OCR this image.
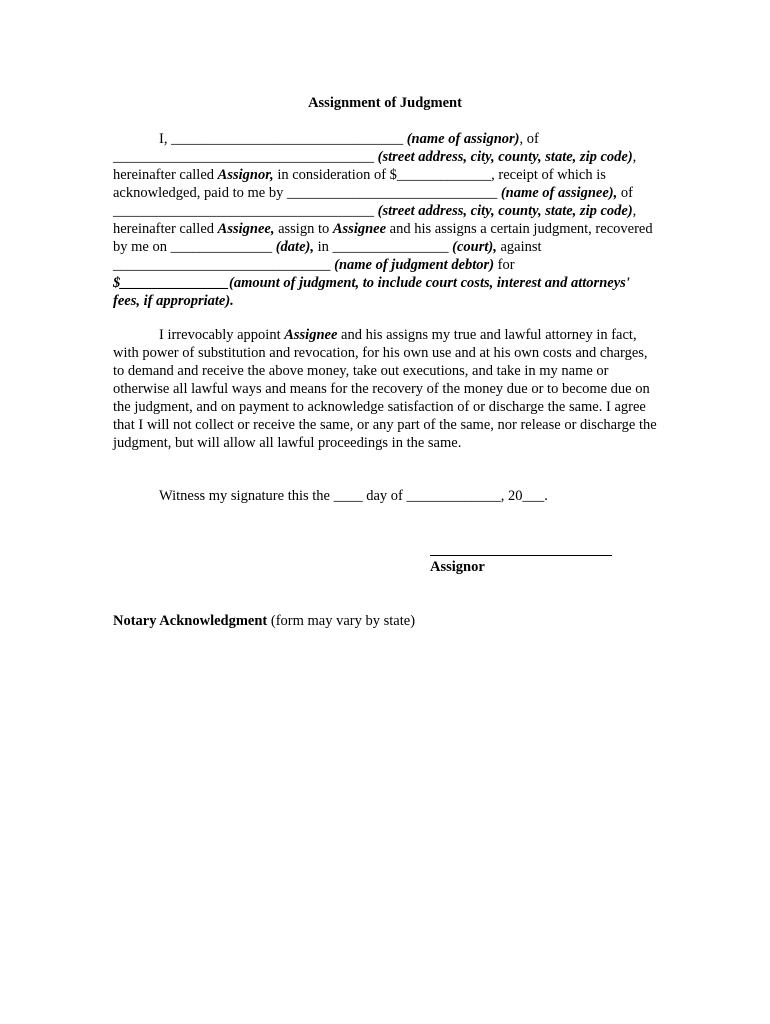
Assignment of Judgment

I, ________________________________ (name of assignor), of ____________________________________ (street address, city, county, state, zip code), hereinafter called Assignor, in consideration of $_____________, receipt of which is acknowledged, paid to me by _____________________________ (name of assignee), of ____________________________________ (street address, city, county, state, zip code), hereinafter called Assignee, assign to Assignee and his assigns a certain judgment, recovered by me on ______________ (date), in ________________ (court), against ______________________________ (name of judgment debtor) for $_______________(amount of judgment, to include court costs, interest and attorneys' fees, if appropriate).

I irrevocably appoint Assignee and his assigns my true and lawful attorney in fact, with power of substitution and revocation, for his own use and at his own costs and charges, to demand and receive the above money, take out executions, and take in my name or otherwise all lawful ways and means for the recovery of the money due or to become due on the judgment, and on payment to acknowledge satisfaction of or discharge the same. I agree that I will not collect or receive the same, or any part of the same, nor release or discharge the judgment, but will allow all lawful proceedings in the same.

Witness my signature this the ____ day of _____________, 20___.

Assignor
Notary Acknowledgment (form may vary by state)
